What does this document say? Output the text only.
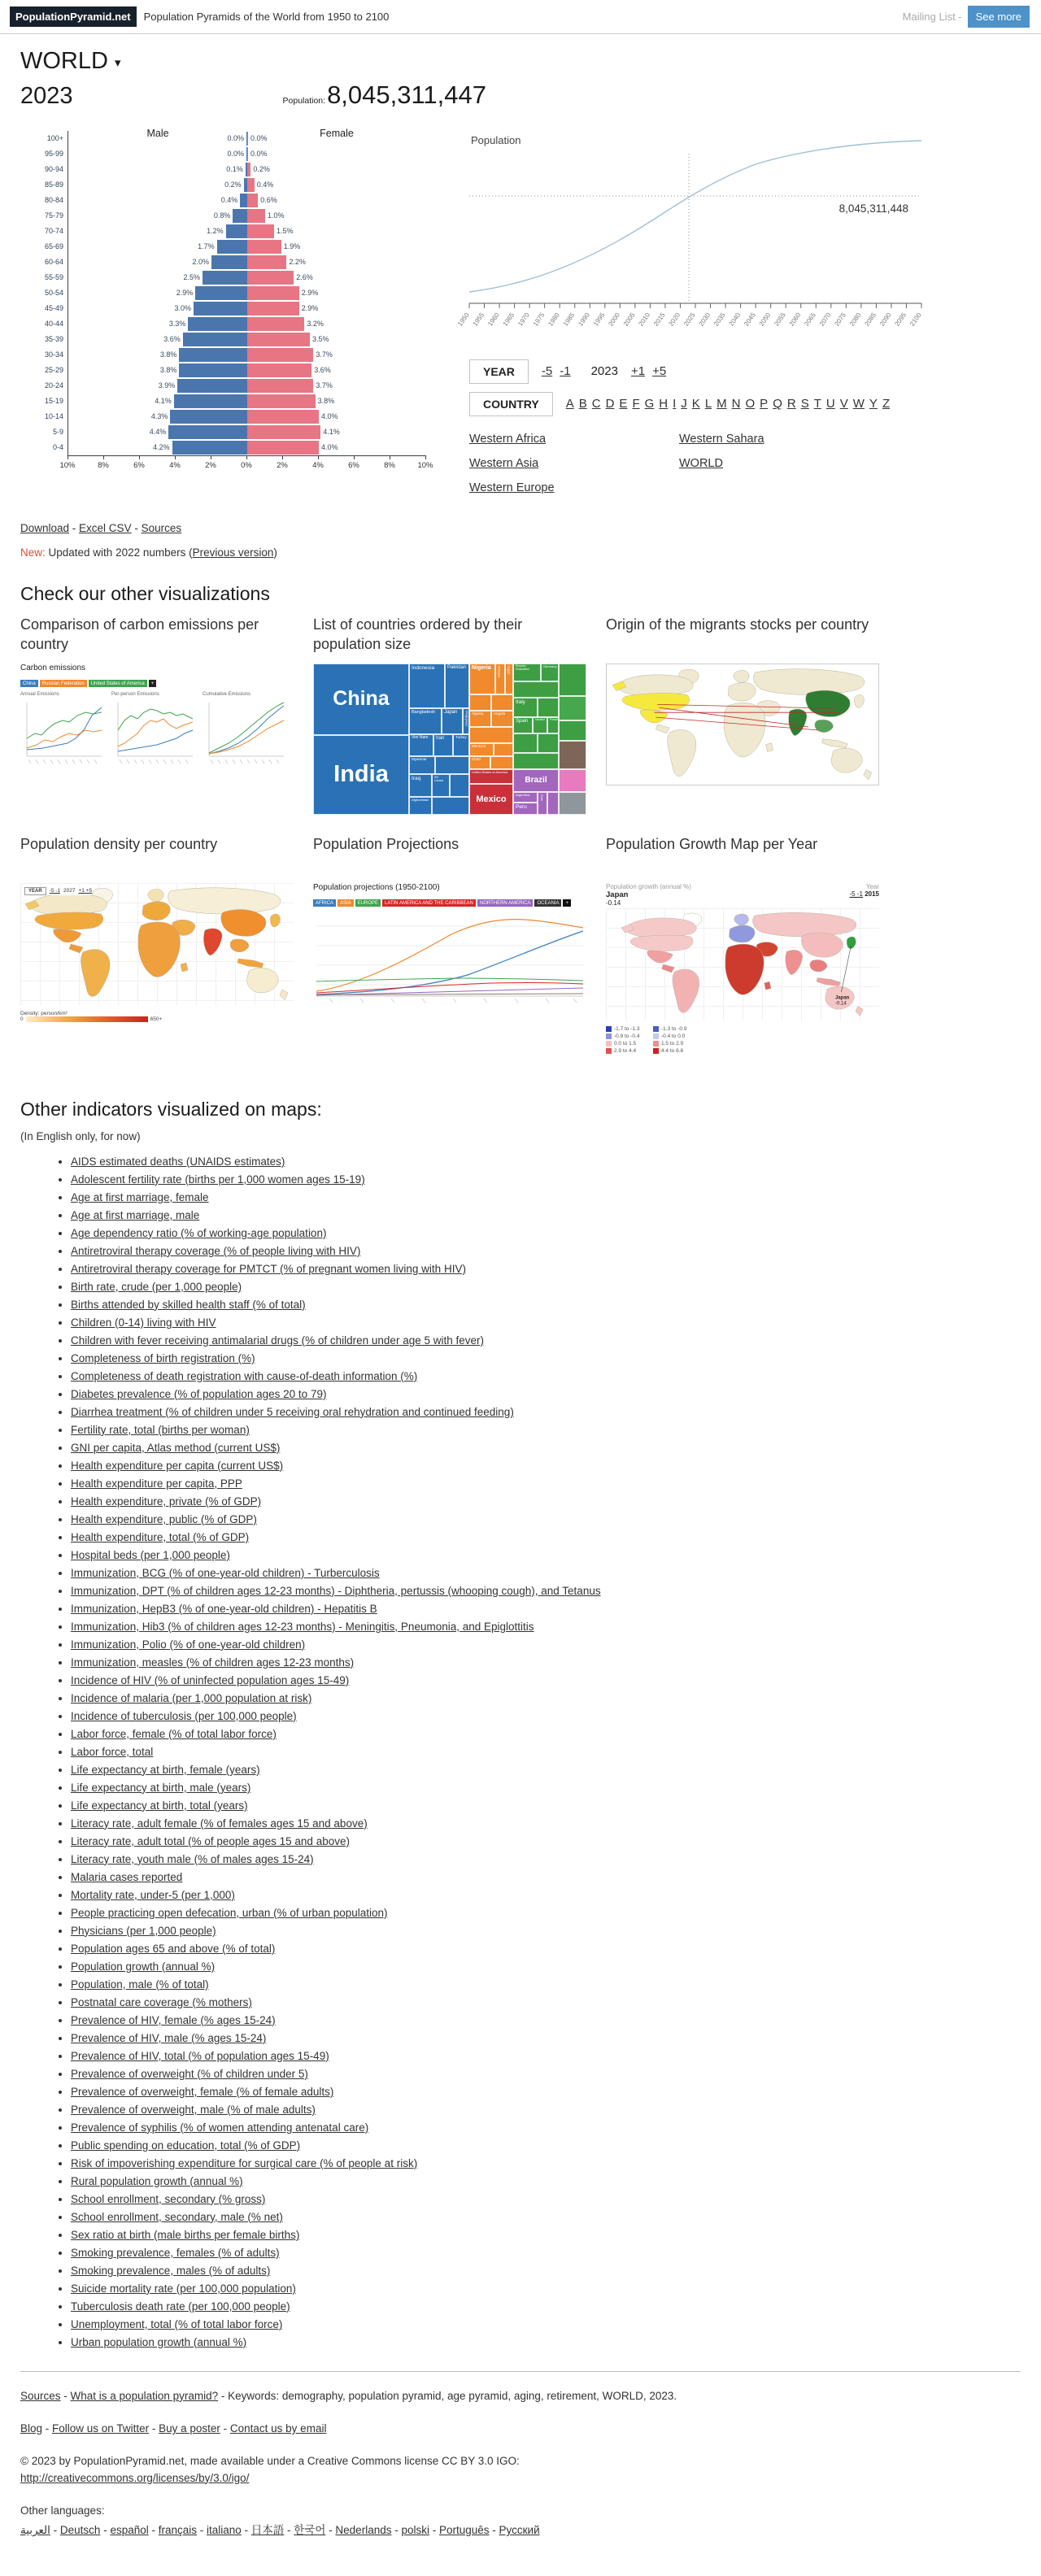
PopulationPyramid.net	Population Pyramids of the World from 1950 to 2100	Mailing List -	See more
WORLD ▾
2023	Population: 8,045,311,447
Male	Female
100+	0.0% 0.0%
95-99	0.0% 0.0%
90-94	0.1% 0.2%
85-89	0.2% 0.4%
80-84	0.4%	0.6%
75-79	0.8%	1.0%
70-74	1.2%	1.5%
65-69	1.7%	1.9%
60-64	2.0%	2.2%
55-59	2.5%	2.6%
50-54	2.9%	2.9%
45-49	3.0%	2.9%
40-44	3.3%	3.2%
35-39	3.6%	3.5%
30-34	3.8%	3.7%
25-29	3.8%	3.6%
20-24	3.9%	3.7%
15-19	4.1%	3.8%
10-14	4.3%	4.0%
5-9	4.4%	4.1%
0-4	4.2%	4.0%
10%	8%	6%	4%	2%	0%	2%	4%	6%	8%	10%
Population
8,045,311,448
1950 1955 1960 1965 1970 1975 1980 1985 1990 1995 2000 2005 2010 2015 2020 2025 2030 2035 2040 2045 2050 2055 2060 2065 2070 2075 2080 2085 2090 2095 2100
YEAR	-5 -1	2023 +1 +5
COUNTRY	A B C D E F G H I J K L M N O P Q R S T U V W Y Z
Western Africa
Western Asia
Western Europe
Western Sahara
WORLD
Download - Excel CSV - Sources
New: Updated with 2022 numbers (Previous version)
Check our other visualizations
Comparison of carbon emissions per country
Carbon emissions
China Russian Federation United States of America +
Annual Emissions	Per-person Emissions	Cumulative Emissions
List of countries ordered by their population size
China
India
Indonesia	Pakistan
Bangladesh	Japan	Philippines
Viet Nam	Iran	Turkey
Myanmar
Iraq	Sri Lanka
Afghanistan
Nigeria	Ethiopia	Egypt
Algeria	Angola
Morocco
Chad
United States of America
Mexico
Russian Federation
Germany
Italy
Spain	Ukraine	Poland
Brazil
Argentina
Peru
Chile
Origin of the migrants stocks per country
Population density per country
YEAR	-5 -1 2027 +1 +5
Density: person/km²
0	650+
Population Projections
Population projections (1950-2100)
AFRICA ASIA EUROPE LATIN AMERICA AND THE CARIBBEAN NORTHERN AMERICA OCEANIA +
Population Growth Map per Year
Population growth (annual %)
Japan
-0.14
Year
-5 -1 2015
Japan
-0.14
-1.7 to -1.3	-1.3 to -0.9
-0.9 to -0.4	-0.4 to 0.0
0.0 to 1.5	1.5 to 2.9
2.9 to 4.4	4.4 to 6.8
Other indicators visualized on maps:
(In English only, for now)
• AIDS estimated deaths (UNAIDS estimates)
• Adolescent fertility rate (births per 1,000 women ages 15-19)
• Age at first marriage, female
• Age at first marriage, male
• Age dependency ratio (% of working-age population)
• Antiretroviral therapy coverage (% of people living with HIV)
• Antiretroviral therapy coverage for PMTCT (% of pregnant women living with HIV)
• Birth rate, crude (per 1,000 people)
• Births attended by skilled health staff (% of total)
• Children (0-14) living with HIV
• Children with fever receiving antimalarial drugs (% of children under age 5 with fever)
• Completeness of birth registration (%)
• Completeness of death registration with cause-of-death information (%)
• Diabetes prevalence (% of population ages 20 to 79)
• Diarrhea treatment (% of children under 5 receiving oral rehydration and continued feeding)
• Fertility rate, total (births per woman)
• GNI per capita, Atlas method (current US$)
• Health expenditure per capita (current US$)
• Health expenditure per capita, PPP
• Health expenditure, private (% of GDP)
• Health expenditure, public (% of GDP)
• Health expenditure, total (% of GDP)
• Hospital beds (per 1,000 people)
• Immunization, BCG (% of one-year-old children) - Turberculosis
• Immunization, DPT (% of children ages 12-23 months) - Diphtheria, pertussis (whooping cough), and Tetanus
• Immunization, HepB3 (% of one-year-old children) - Hepatitis B
• Immunization, Hib3 (% of children ages 12-23 months) - Meningitis, Pneumonia, and Epiglottitis
• Immunization, Polio (% of one-year-old children)
• Immunization, measles (% of children ages 12-23 months)
• Incidence of HIV (% of uninfected population ages 15-49)
• Incidence of malaria (per 1,000 population at risk)
• Incidence of tuberculosis (per 100,000 people)
• Labor force, female (% of total labor force)
• Labor force, total
• Life expectancy at birth, female (years)
• Life expectancy at birth, male (years)
• Life expectancy at birth, total (years)
• Literacy rate, adult female (% of females ages 15 and above)
• Literacy rate, adult total (% of people ages 15 and above)
• Literacy rate, youth male (% of males ages 15-24)
• Malaria cases reported
• Mortality rate, under-5 (per 1,000)
• People practicing open defecation, urban (% of urban population)
• Physicians (per 1,000 people)
• Population ages 65 and above (% of total)
• Population growth (annual %)
• Population, male (% of total)
• Postnatal care coverage (% mothers)
• Prevalence of HIV, female (% ages 15-24)
• Prevalence of HIV, male (% ages 15-24)
• Prevalence of HIV, total (% of population ages 15-49)
• Prevalence of overweight (% of children under 5)
• Prevalence of overweight, female (% of female adults)
• Prevalence of overweight, male (% of male adults)
• Prevalence of syphilis (% of women attending antenatal care)
• Public spending on education, total (% of GDP)
• Risk of impoverishing expenditure for surgical care (% of people at risk)
• Rural population growth (annual %)
• School enrollment, secondary (% gross)
• School enrollment, secondary, male (% net)
• Sex ratio at birth (male births per female births)
• Smoking prevalence, females (% of adults)
• Smoking prevalence, males (% of adults)
• Suicide mortality rate (per 100,000 population)
• Tuberculosis death rate (per 100,000 people)
• Unemployment, total (% of total labor force)
• Urban population growth (annual %)

Sources - What is a population pyramid? - Keywords: demography, population pyramid, age pyramid, aging, retirement, WORLD, 2023.

Blog - Follow us on Twitter - Buy a poster - Contact us by email

© 2023 by PopulationPyramid.net, made available under a Creative Commons license CC BY 3.0 IGO:
http://creativecommons.org/licenses/by/3.0/igo/

Other languages:

العربية - Deutsch - español - français - italiano - 日本語 - 한국어 - Nederlands - polski - Português - Русский
